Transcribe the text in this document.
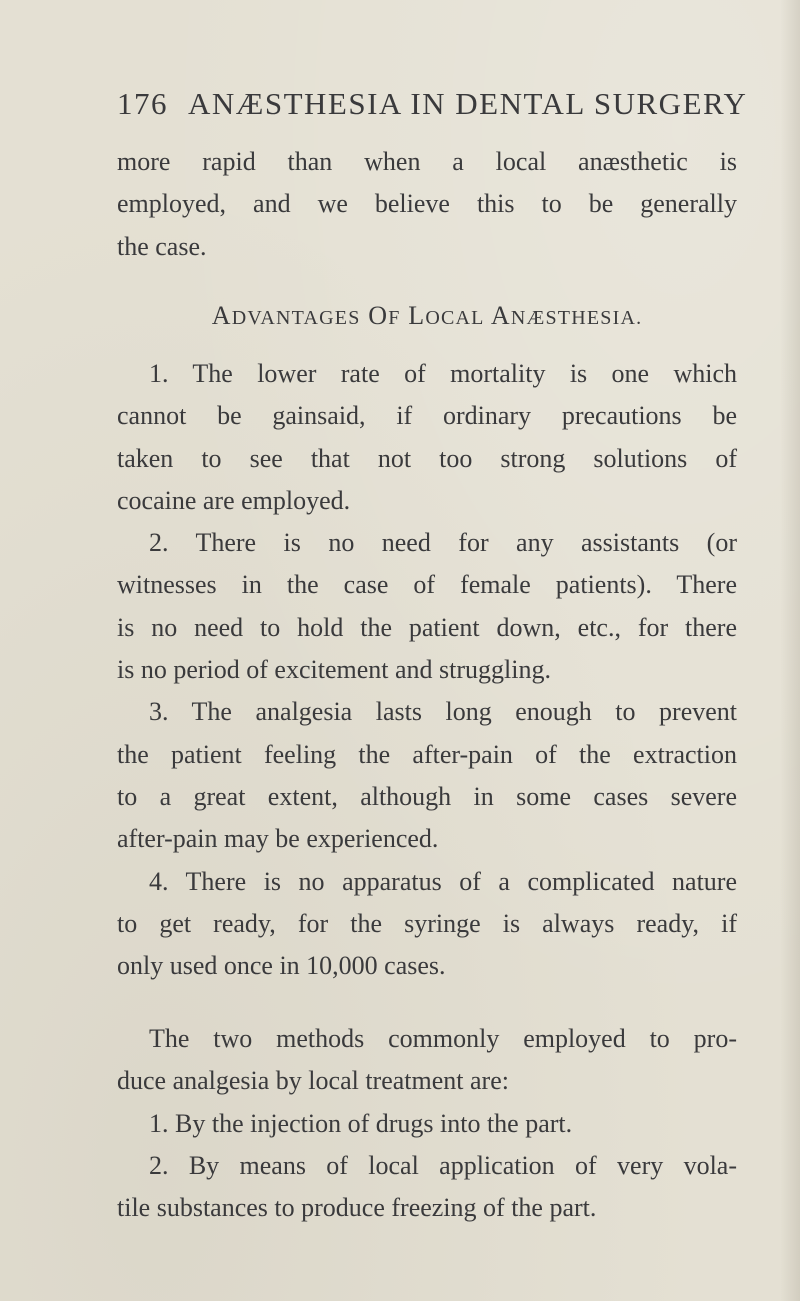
176 ANÆSTHESIA IN DENTAL SURGERY
more rapid than when a local anæsthetic is
employed, and we believe this to be generally
the case.
ADVANTAGES OF LOCAL ANÆSTHESIA.
1. The lower rate of mortality is one which
cannot be gainsaid, if ordinary precautions be
taken to see that not too strong solutions of
cocaine are employed.
2. There is no need for any assistants (or
witnesses in the case of female patients). There
is no need to hold the patient down, etc., for there
is no period of excitement and struggling.
3. The analgesia lasts long enough to prevent
the patient feeling the after-pain of the extraction
to a great extent, although in some cases severe
after-pain may be experienced.
4. There is no apparatus of a complicated nature
to get ready, for the syringe is always ready, if
only used once in 10,000 cases.
The two methods commonly employed to pro-
duce analgesia by local treatment are:
1. By the injection of drugs into the part.
2. By means of local application of very vola-
tile substances to produce freezing of the part.
